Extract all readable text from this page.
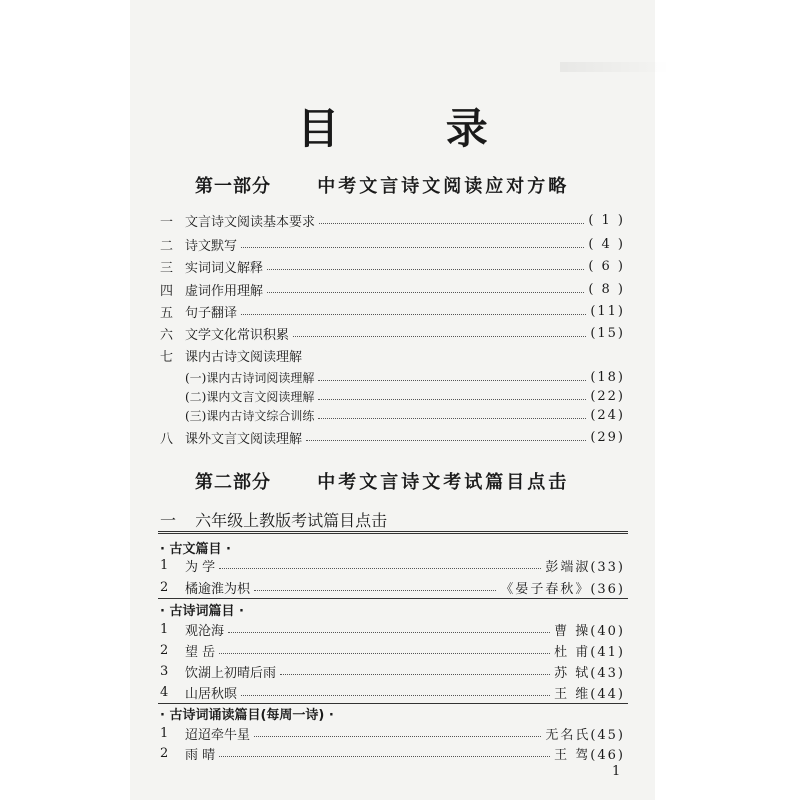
目 录
第一部分	中考文言诗文阅读应对方略
一 文言诗文阅读基本要求	( 1 )
二 诗文默写	( 4 )
三 实词词义解释	( 6 )
四 虚词作用理解	( 8 )
五 句子翻译	(11)
六 文学文化常识积累	(15)
七 课内古诗文阅读理解
(一)课内古诗词阅读理解	(18)
(二)课内文言文阅读理解	(22)
(三)课内古诗文综合训练	(24)
八 课外文言文阅读理解	(29)
第二部分	中考文言诗文考试篇目点击
一 六年级上教版考试篇目点击
· 古文篇目 ·
1	为 学	彭端淑(33)
2	橘逾淮为枳	《晏子春秋》(36)
· 古诗词篇目 ·
1	观沧海	曹 操(40)
2	望 岳	杜 甫(41)
3	饮湖上初晴后雨	苏 轼(43)
4	山居秋暝	王 维(44)
· 古诗词诵读篇目(每周一诗) ·
1	迢迢牵牛星	无名氏(45)
2	雨 晴	王 驾(46)
1
